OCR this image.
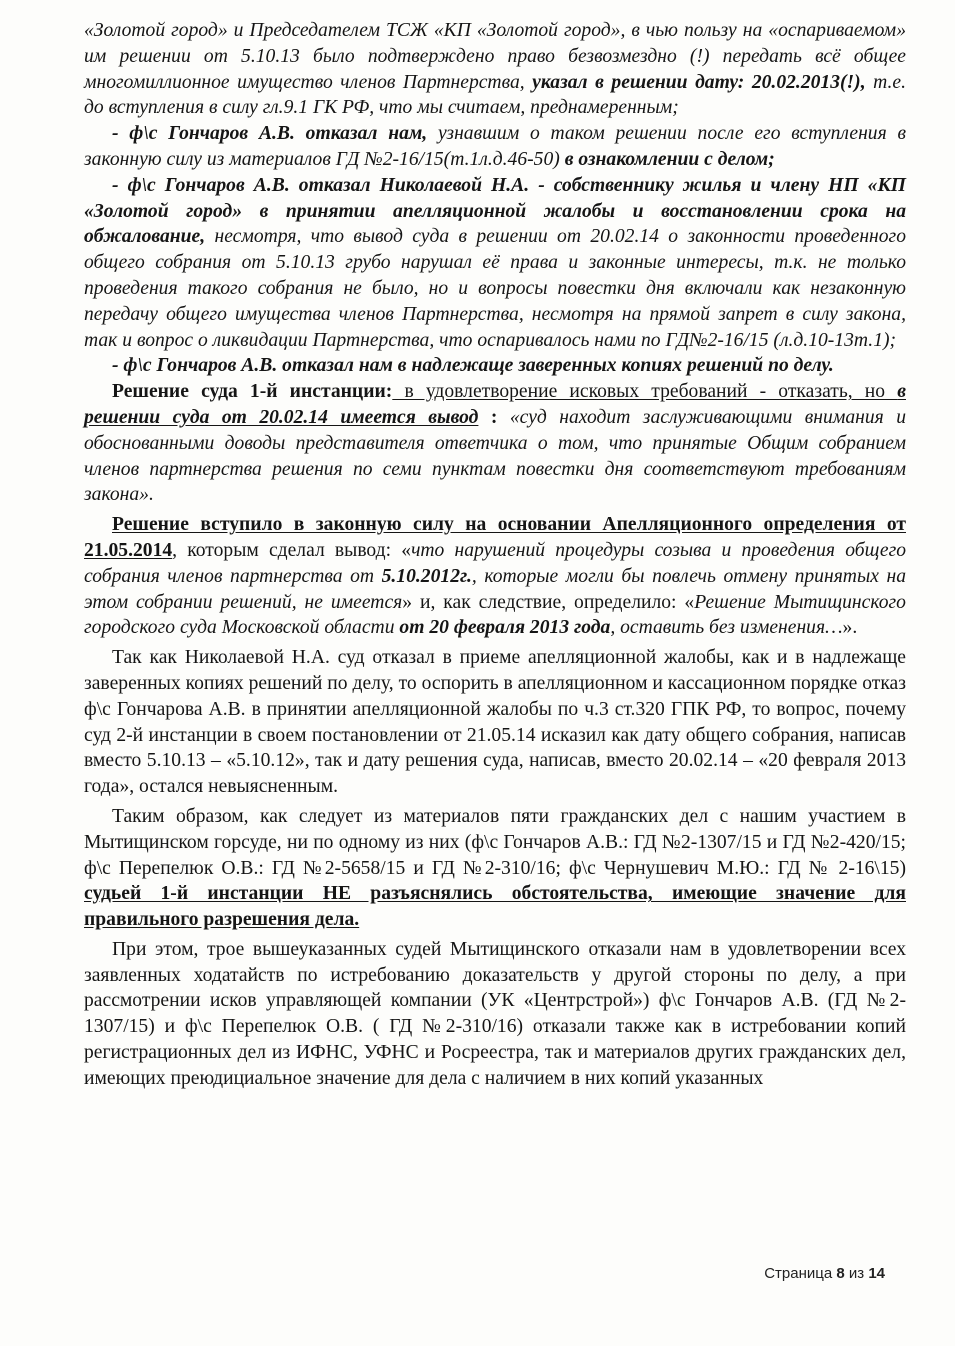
«Золотой город» и Председателем ТСЖ «КП «Золотой город», в чью пользу на «оспариваемом» им решении от 5.10.13 было подтверждено право безвозмездно (!) передать всё общее многомиллионное имущество членов Партнерства, указал в решении дату: 20.02.2013(!), т.е. до вступления в силу гл.9.1 ГК РФ, что мы считаем, преднамеренным;

- ф\с Гончаров А.В. отказал нам, узнавшим о таком решении после его вступления в законную силу из материалов ГД №2-16/15(т.1л.д.46-50) в ознакомлении с делом;

- ф\с Гончаров А.В. отказал Николаевой Н.А. - собственнику жилья и члену НП «КП «Золотой город» в принятии апелляционной жалобы и восстановлении срока на обжалование, несмотря, что вывод суда в решении от 20.02.14 о законности проведенного общего собрания от 5.10.13 грубо нарушал её права и законные интересы, т.к. не только проведения такого собрания не было, но и вопросы повестки дня включали как незаконную передачу общего имущества членов Партнерства, несмотря на прямой запрет в силу закона, так и вопрос о ликвидации Партнерства, что оспаривалось нами по ГД№2-16/15 (л.д.10-13т.1);

- ф\с Гончаров А.В. отказал нам в надлежаще заверенных копиях решений по делу.

Решение суда 1-й инстанции: в удовлетворение исковых требований - отказать, но в решении суда от 20.02.14 имеется вывод : «суд находит заслуживающими внимания и обоснованными доводы представителя ответчика о том, что принятые Общим собранием членов партнерства решения по семи пунктам повестки дня соответствуют требованиям закона».

Решение вступило в законную силу на основании Апелляционного определения от 21.05.2014, которым сделал вывод: «что нарушений процедуры созыва и проведения общего собрания членов партнерства от 5.10.2012г., которые могли бы повлечь отмену принятых на этом собрании решений, не имеется» и, как следствие, определило: «Решение Мытищинского городского суда Московской области от 20 февраля 2013 года, оставить без изменения…».

Так как Николаевой Н.А. суд отказал в приеме апелляционной жалобы, как и в надлежаще заверенных копиях решений по делу, то оспорить в апелляционном и кассационном порядке отказ ф\с Гончарова А.В. в принятии апелляционной жалобы по ч.3 ст.320 ГПК РФ, то вопрос, почему суд 2-й инстанции в своем постановлении от 21.05.14 исказил как дату общего собрания, написав вместо 5.10.13 – «5.10.12», так и дату решения суда, написав, вместо 20.02.14 – «20 февраля 2013 года», остался невыясненным.

Таким образом, как следует из материалов пяти гражданских дел с нашим участием в Мытищинском горсуде, ни по одному из них (ф\с Гончаров А.В.: ГД №2-1307/15 и ГД №2-420/15; ф\с Перепелюк О.В.: ГД №2-5658/15 и ГД №2-310/16; ф\с Чернушевич М.Ю.: ГД № 2-16\15) судьей 1-й инстанции НЕ разъяснялись обстоятельства, имеющие значение для правильного разрешения дела.

При этом, трое вышеуказанных судей Мытищинского отказали нам в удовлетворении всех заявленных ходатайств по истребованию доказательств у другой стороны по делу, а при рассмотрении исков управляющей компании (УК «Центрстрой») ф\с Гончаров А.В. (ГД №2-1307/15) и ф\с Перепелюк О.В. ( ГД №2-310/16) отказали также как в истребовании копий регистрационных дел из ИФНС, УФНС и Росреестра, так и материалов других гражданских дел, имеющих преюдициальное значение для дела с наличием в них копий указанных

Страница 8 из 14
